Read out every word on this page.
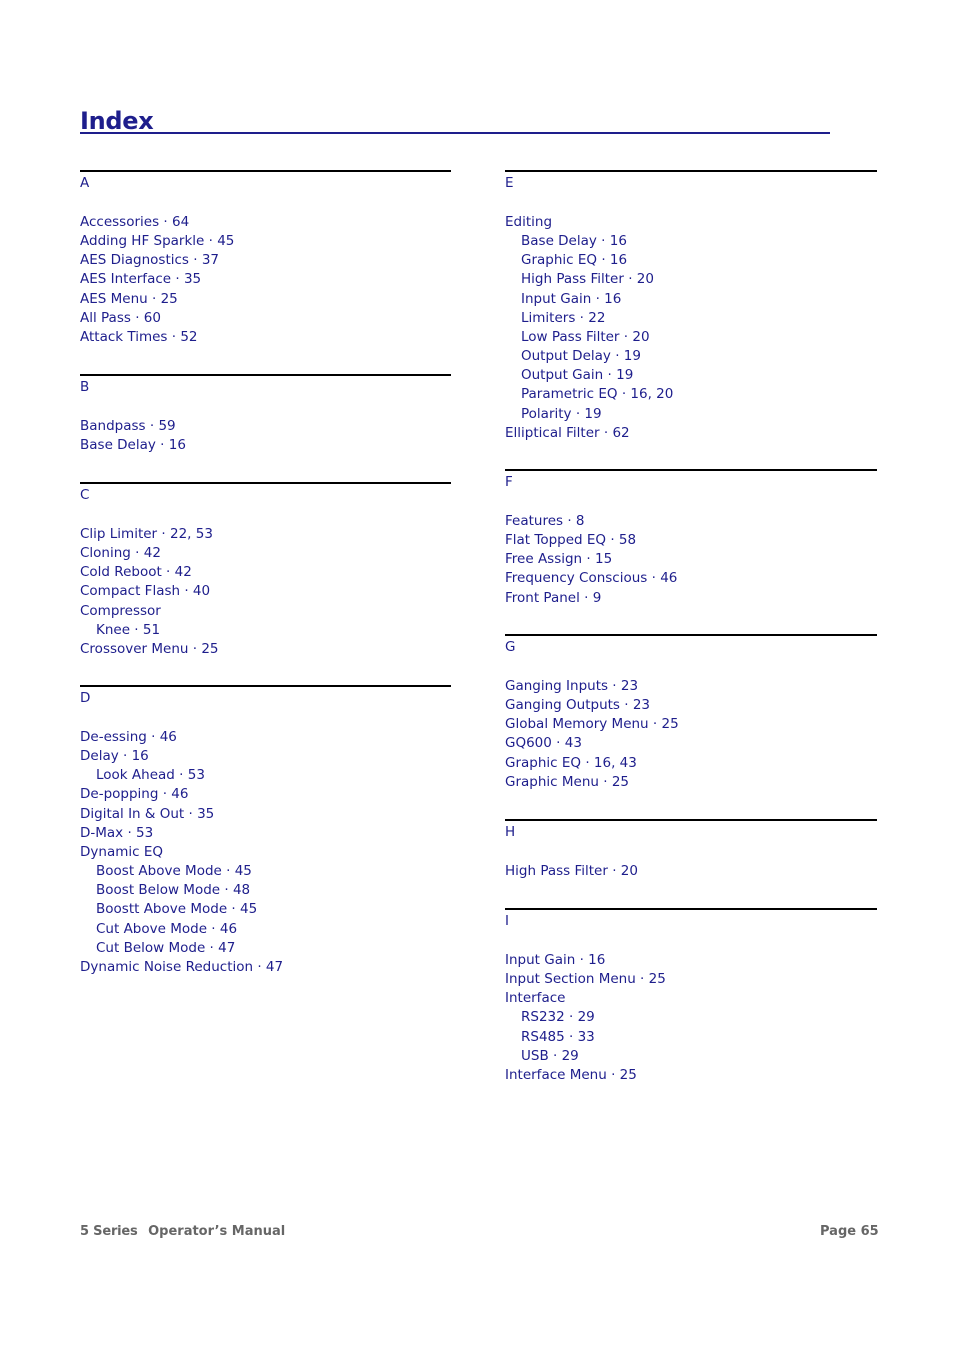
Index
A
Accessories · 64
Adding HF Sparkle · 45
AES Diagnostics · 37
AES Interface · 35
AES Menu · 25
All Pass · 60
Attack Times · 52
B
Bandpass · 59
Base Delay · 16
C
Clip Limiter · 22, 53
Cloning · 42
Cold Reboot · 42
Compact Flash · 40
Compressor
Knee · 51
Crossover Menu · 25
D
De-essing · 46
Delay · 16
Look Ahead · 53
De-popping · 46
Digital In & Out · 35
D-Max · 53
Dynamic EQ
Boost Above Mode · 45
Boost Below Mode · 48
Boostt Above Mode · 45
Cut Above Mode · 46
Cut Below Mode · 47
Dynamic Noise Reduction · 47
E
Editing
Base Delay · 16
Graphic EQ · 16
High Pass Filter · 20
Input Gain · 16
Limiters · 22
Low Pass Filter · 20
Output Delay · 19
Output Gain · 19
Parametric EQ · 16, 20
Polarity · 19
Elliptical Filter · 62
F
Features · 8
Flat Topped EQ · 58
Free Assign · 15
Frequency Conscious · 46
Front Panel · 9
G
Ganging Inputs · 23
Ganging Outputs · 23
Global Memory Menu · 25
GQ600 · 43
Graphic EQ · 16, 43
Graphic Menu · 25
H
High Pass Filter · 20
I
Input Gain · 16
Input Section Menu · 25
Interface
RS232 · 29
RS485 · 33
USB · 29
Interface Menu · 25
5 Series Operator’s Manual	Page 65
